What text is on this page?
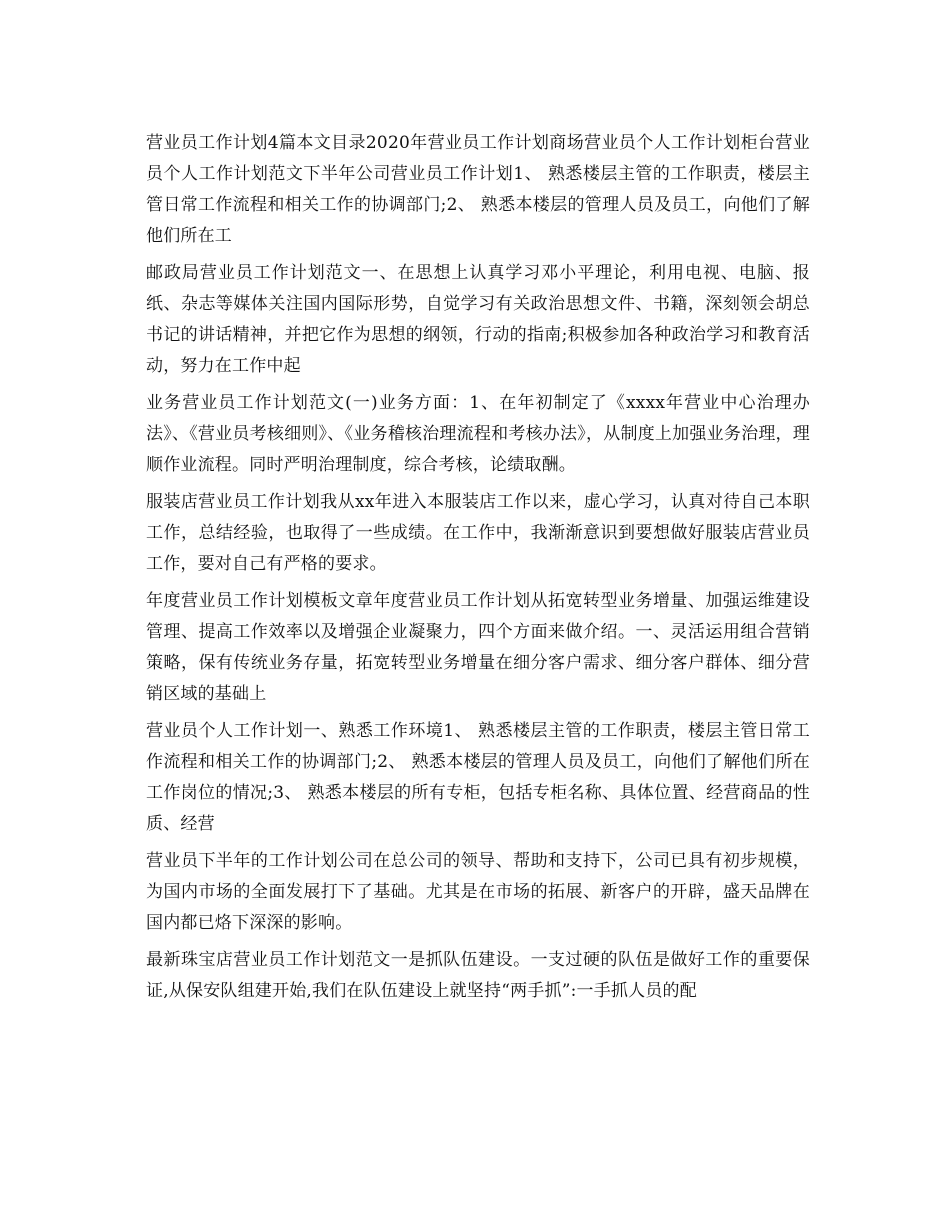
营业员工作计划4篇本文目录2020年营业员工作计划商场营业员个人工作计划柜台营业员个人工作计划范文下半年公司营业员工作计划1、 熟悉楼层主管的工作职责，楼层主管日常工作流程和相关工作的协调部门;2、 熟悉本楼层的管理人员及员工，向他们了解他们所在工

邮政局营业员工作计划范文一、在思想上认真学习邓小平理论，利用电视、电脑、报纸、杂志等媒体关注国内国际形势，自觉学习有关政治思想文件、书籍，深刻领会胡总书记的讲话精神，并把它作为思想的纲领，行动的指南;积极参加各种政治学习和教育活动，努力在工作中起

业务营业员工作计划范文(一)业务方面：1、在年初制定了《xxxx年营业中心治理办法》、《营业员考核细则》、《业务稽核治理流程和考核办法》，从制度上加强业务治理，理顺作业流程。同时严明治理制度，综合考核，论绩取酬。

服装店营业员工作计划我从xx年进入本服装店工作以来，虚心学习，认真对待自己本职工作，总结经验，也取得了一些成绩。在工作中，我渐渐意识到要想做好服装店营业员工作，要对自己有严格的要求。

年度营业员工作计划模板文章年度营业员工作计划从拓宽转型业务增量、加强运维建设管理、提高工作效率以及增强企业凝聚力，四个方面来做介绍。一、灵活运用组合营销策略，保有传统业务存量，拓宽转型业务增量在细分客户需求、细分客户群体、细分营销区域的基础上

营业员个人工作计划一、熟悉工作环境1、 熟悉楼层主管的工作职责，楼层主管日常工作流程和相关工作的协调部门;2、 熟悉本楼层的管理人员及员工，向他们了解他们所在工作岗位的情况;3、 熟悉本楼层的所有专柜，包括专柜名称、具体位置、经营商品的性质、经营

营业员下半年的工作计划公司在总公司的领导、帮助和支持下，公司已具有初步规模，为国内市场的全面发展打下了基础。尤其是在市场的拓展、新客户的开辟，盛天品牌在国内都已烙下深深的影响。

最新珠宝店营业员工作计划范文一是抓队伍建设。一支过硬的队伍是做好工作的重要保证,从保安队组建开始,我们在队伍建设上就坚持“两手抓”:一手抓人员的配
